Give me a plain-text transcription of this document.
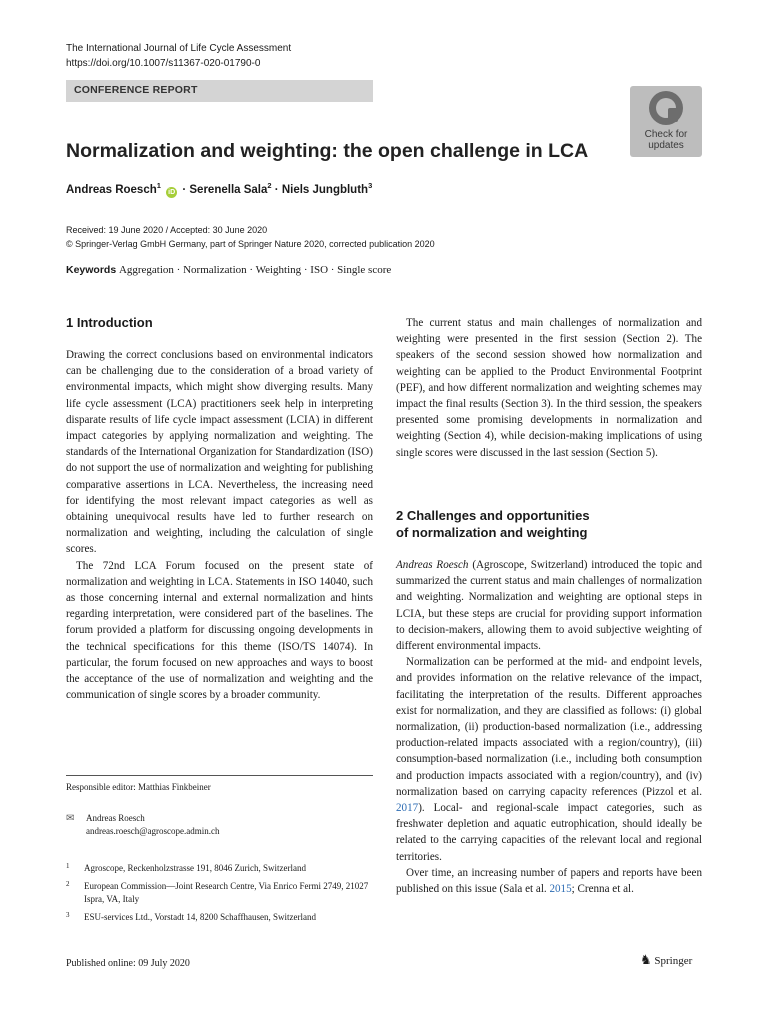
The International Journal of Life Cycle Assessment
https://doi.org/10.1007/s11367-020-01790-0
CONFERENCE REPORT
Check for
updates
Normalization and weighting: the open challenge in LCA
Andreas Roesch$^1$ iD · Serenella Sala$^2$ · Niels Jungbluth$^3$
Received: 19 June 2020 / Accepted: 30 June 2020
© Springer-Verlag GmbH Germany, part of Springer Nature 2020, corrected publication 2020
Keywords Aggregation · Normalization · Weighting · ISO · Single score
1 Introduction

Drawing the correct conclusions based on environmental indicators can be challenging due to the consideration of a broad variety of environmental impacts, which might show diverging results. Many life cycle assessment (LCA) practitioners seek help in interpreting disparate results of life cycle impact assessment (LCIA) in different impact categories by applying normalization and weighting. The standards of the International Organization for Standardization (ISO) do not support the use of normalization and weighting for publishing comparative assertions in LCA. Nevertheless, the increasing need for identifying the most relevant impact categories as well as obtaining unequivocal results have led to further research on normalization and weighting, including the calculation of single scores.

The 72nd LCA Forum focused on the present state of normalization and weighting in LCA. Statements in ISO 14040, such as those concerning internal and external normalization and hints regarding interpretation, were considered part of the baselines. The forum provided a platform for discussing ongoing developments in the technical specifications for this theme (ISO/TS 14074). In particular, the forum focused on new approaches and ways to boost the acceptance of the use of normalization and weighting and the communication of single scores by a broader community.

Responsible editor: Matthias Finkbeiner
✉ Andreas Roesch
andreas.roesch@agroscope.admin.ch
1 Agroscope, Reckenholzstrasse 191, 8046 Zurich, Switzerland
2 European Commission—Joint Research Centre, Via Enrico Fermi 2749, 21027 Ispra, VA, Italy
3 ESU-services Ltd., Vorstadt 14, 8200 Schaffhausen, Switzerland

The current status and main challenges of normalization and weighting were presented in the first session (Section 2). The speakers of the second session showed how normalization and weighting can be applied to the Product Environmental Footprint (PEF), and how different normalization and weighting schemes may impact the final results (Section 3). In the third session, the speakers presented some promising developments in normalization and weighting (Section 4), while decision-making implications of using single scores were discussed in the last session (Section 5).

2 Challenges and opportunities
of normalization and weighting

Andreas Roesch (Agroscope, Switzerland) introduced the topic and summarized the current status and main challenges of normalization and weighting. Normalization and weighting are optional steps in LCIA, but these steps are crucial for providing support information to decision-makers, allowing them to avoid subjective weighting of different environmental impacts.

Normalization can be performed at the mid- and endpoint levels, and provides information on the relative relevance of the impact, facilitating the interpretation of the results. Different approaches exist for normalization, and they are classified as follows: (i) global normalization, (ii) production-based normalization (i.e., addressing production-related impacts associated with a region/country), (iii) consumption-based normalization (i.e., including both consumption and production impacts associated with a region/country), and (iv) normalization based on carrying capacity references (Pizzol et al. 2017). Local- and regional-scale impact categories, such as freshwater depletion and aquatic eutrophication, should ideally be related to the carrying capacities of the relevant local and regional territories.

Over time, an increasing number of papers and reports have been published on this issue (Sala et al. 2015; Crenna et al.

Published online: 09 July 2020	♞ Springer
